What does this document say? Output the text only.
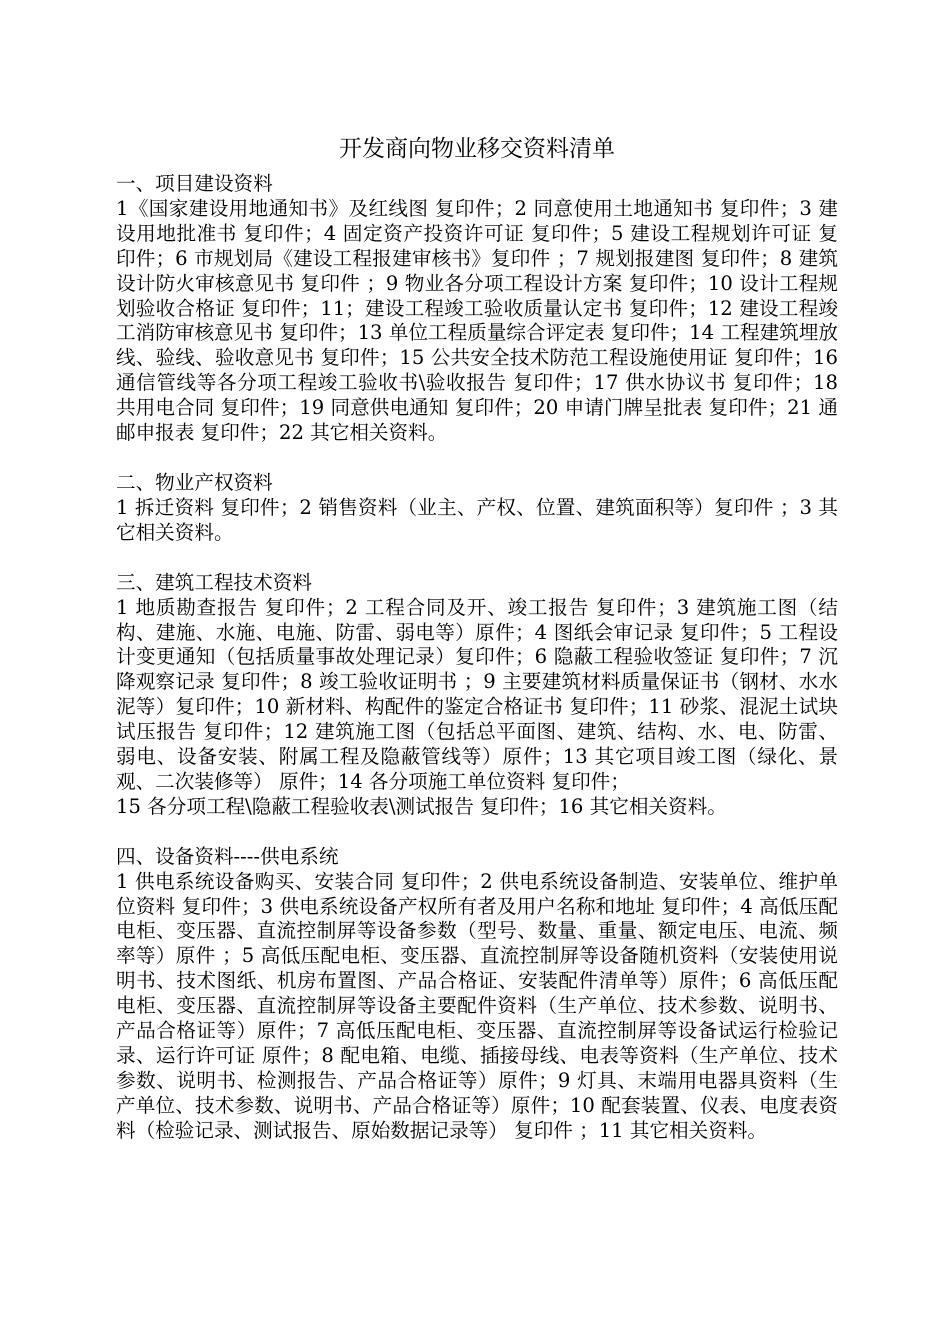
开发商向物业移交资料清单
一、项目建设资料

1《国家建设用地通知书》及红线图 复印件；2 同意使用土地通知书 复印件；3 建设用地批准书 复印件；4 固定资产投资许可证 复印件；5 建设工程规划许可证 复印件；6 市规划局《建设工程报建审核书》复印件 ；7 规划报建图 复印件；8 建筑设计防火审核意见书 复印件 ；9 物业各分项工程设计方案 复印件；10 设计工程规划验收合格证 复印件；11；建设工程竣工验收质量认定书 复印件；12 建设工程竣工消防审核意见书 复印件；13 单位工程质量综合评定表 复印件；14 工程建筑埋放线、验线、验收意见书 复印件；15 公共安全技术防范工程设施使用证 复印件；16 通信管线等各分项工程竣工验收书\验收报告 复印件；17 供水协议书 复印件；18 共用电合同 复印件；19 同意供电通知 复印件；20 申请门牌呈批表 复印件；21 通邮申报表 复印件；22 其它相关资料。

二、物业产权资料

1 拆迁资料 复印件；2 销售资料（业主、产权、位置、建筑面积等）复印件 ；3 其它相关资料。

三、建筑工程技术资料

1 地质勘查报告 复印件；2 工程合同及开、竣工报告 复印件；3 建筑施工图（结构、建施、水施、电施、防雷、弱电等）原件；4 图纸会审记录 复印件；5 工程设计变更通知（包括质量事故处理记录）复印件；6 隐蔽工程验收签证 复印件；7 沉降观察记录 复印件；8 竣工验收证明书 ；9 主要建筑材料质量保证书（钢材、水水泥等）复印件；10 新材料、构配件的鉴定合格证书 复印件；11 砂浆、混泥土试块试压报告 复印件；12 建筑施工图（包括总平面图、建筑、结构、水、电、防雷、弱电、设备安装、附属工程及隐蔽管线等）原件；13 其它项目竣工图（绿化、景观、二次装修等） 原件；14 各分项施工单位资料 复印件；

15 各分项工程\隐蔽工程验收表\测试报告 复印件；16 其它相关资料。

四、设备资料----供电系统

1 供电系统设备购买、安装合同 复印件；2 供电系统设备制造、安装单位、维护单位资料 复印件；3 供电系统设备产权所有者及用户名称和地址 复印件；4 高低压配电柜、变压器、直流控制屏等设备参数（型号、数量、重量、额定电压、电流、频率等）原件 ；5 高低压配电柜、变压器、直流控制屏等设备随机资料（安装使用说明书、技术图纸、机房布置图、产品合格证、安装配件清单等）原件；6 高低压配电柜、变压器、直流控制屏等设备主要配件资料（生产单位、技术参数、说明书、产品合格证等）原件；7 高低压配电柜、变压器、直流控制屏等设备试运行检验记录、运行许可证 原件；8 配电箱、电缆、插接母线、电表等资料（生产单位、技术参数、说明书、检测报告、产品合格证等）原件；9 灯具、末端用电器具资料（生产单位、技术参数、说明书、产品合格证等）原件；10 配套装置、仪表、电度表资料（检验记录、测试报告、原始数据记录等） 复印件 ；11 其它相关资料。
